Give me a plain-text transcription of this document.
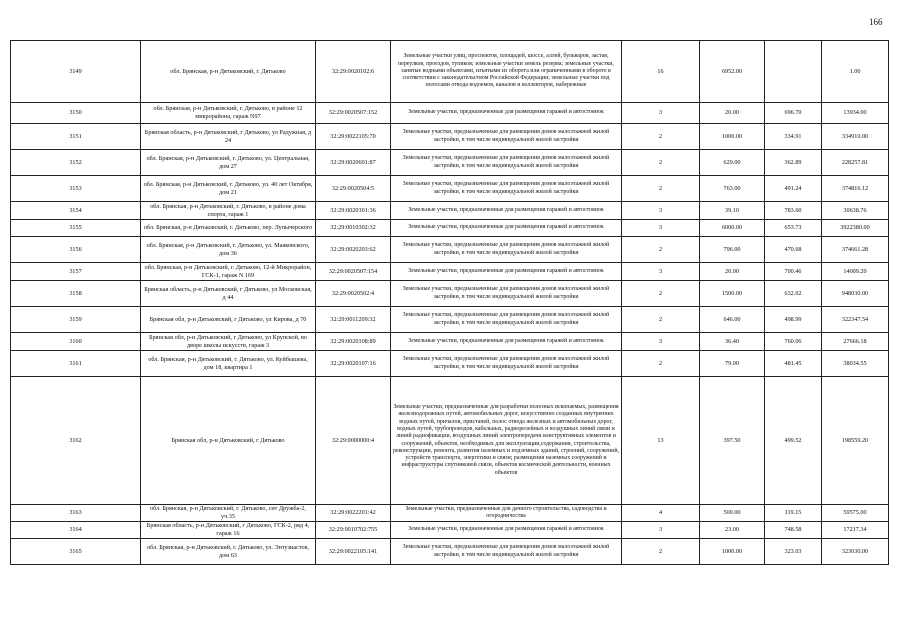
166
3149	обл. Брянская, р-н Дятьковский, г. Дятьково	32:29:0020102:6	Земельные участки улиц, проспектов, площадей, шоссе, аллей, бульваров, застав, переулков, проездов, тупиков; земельные участки земель резерва; земельные участки, занятые водными объектами, изъятыми из оборота или ограниченными в обороте в соответствии с законодательством Российской Федерации; земельные участки под полосами отвода водоемов, каналов и коллекторов, набережные	16	6952.00		1.00
3150	обл. Брянская, р-н Дятьковский, г. Дятьково, в районе 12 микрорайона, гараж N97	32:29:0020507:152	Земельные участки, предназначенные для размещения гаражей и автостоянок	3	20.00	696.70	13934.00
3151	Брянская область, р-н Дятьковский, г Дятьково, ул Радужная, д 24	32:29:0022105:70	Земельные участки, предназначенные для размещения домов малоэтажной жилой застройки, в том числе индивидуальной жилой застройки	2	1000.00	334.91	334910.00
3152	обл. Брянская, р-н Дятьковский, г. Дятьково, ул. Центральная, дом 27	32:29:0020601:87	Земельные участки, предназначенные для размещения домов малоэтажной жилой застройки, в том числе индивидуальной жилой застройки	2	629.00	362.89	228257.81
3153	обл. Брянская, р-н Дятьковский, г. Дятьково, ул. 40 лет Октября, дом 21	32:29:0020504:5	Земельные участки, предназначенные для размещения домов малоэтажной жилой застройки, в том числе индивидуальной жилой застройки	2	763.00	491.24	374816.12
3154	обл. Брянская, р-н Дятьковский, г. Дятьково, в районе дома спорта, гараж 1	32:29:0020301:36	Земельные участки, предназначенные для размещения гаражей и автостоянок	3	39.10	783.60	30638.76
3155	обл. Брянская, р-н Дятьковский, г. Дятьково, пер. Лупычерского	32:29:0010302:32	Земельные участки, предназначенные для размещения гаражей и автостоянок	3	6000.00	653.73	3922380.00
3156	обл. Брянская, р-н Дятьковский, г. Дятьково, ул. Маяковского, дом 36	32:29:0020203:62	Земельные участки, предназначенные для размещения домов малоэтажной жилой застройки, в том числе индивидуальной жилой застройки	2	796.00	470.68	374661.28
3157	обл. Брянская, р-н Дятьковский, г. Дятьково, 12-й Микрорайон, ГСК-1, гараж N 169	32:29:0020507:154	Земельные участки, предназначенные для размещения гаражей и автостоянок	3	20.00	700.46	14009.20
3158	Брянская область, р-н Дятьковский, г Дятьково, ул Московская, д 44	32:29:0020502:4	Земельные участки, предназначенные для размещения домов малоэтажной жилой застройки, в том числе индивидуальной жилой застройки	2	1500.00	632.02	948030.00
3159	Брянская обл, р-н Дятьковский, г Дятьково, ул Кирова, д 70	32:29:0011209:32	Земельные участки, предназначенные для размещения домов малоэтажной жилой застройки, в том числе индивидуальной жилой застройки	2	646.00	498.99	322347.54
3160	Брянская обл, р-н Дятьковский, г Дятьково, ул Крупской, во дворе школы искусств, гараж 3	32:29:0020108:89	Земельные участки, предназначенные для размещения гаражей и автостоянок	3	36.40	760.06	27666.18
3161	обл. Брянская, р-н Дятьковский, г. Дятьково, ул. Куйбышева, дом 18, квартира 1	32:29:0020107:16	Земельные участки, предназначенные для размещения домов малоэтажной жилой застройки, в том числе индивидуальной жилой застройки	2	79.00	481.45	38034.55
3162	Брянская обл, р-н Дятьковский, г Дятьково	32:29:0000000:4	Земельные участки, предназначенные для разработки полезных ископаемых, размещения железнодорожных путей, автомобильных дорог, искусственно созданных внутренних водных путей, причалов, пристаней, полос отвода железных и автомобильных дорог, водных путей, трубопроводов, кабельных, радиорелейных и воздушных линий связи и линий радиофикации, воздушных линий электропередачи конструктивных элементов и сооружений, объектов, необходимых для эксплуатации,содержания, строительства, реконструкции, ремонта, развития наземных и подземных зданий, строений, сооружений, устройств транспорта, энергетики и связи; размещения наземных сооружений и инфраструктуры спутниковой связи, объектов космической деятельности, военных объектов	13	397.50	499.52	198559.20
3163	обл. Брянская, р-н Дятьковский, г. Дятьково, снт Дружба-2, уч.35	32:29:0022201:42	Земельные участки, предназначенные для дачного строительства, садоводства и огородничества	4	500.00	119.15	59575.00
3164	Брянская область, р-н Дятьковский, г Дятьково, ГСК-2, ряд 4, гараж 16	32:29:0010702:755	Земельные участки, предназначенные для размещения гаражей и автостоянок	3	23.00	748.58	17217.34
3165	обл. Брянская, р-н Дятьковский, г. Дятьково, ул. Энтузиастов, дом 63	32:29:0022105:141	Земельные участки, предназначенные для размещения домов малоэтажной жилой застройки, в том числе индивидуальной жилой застройки	2	1000.00	323.03	323030.00
